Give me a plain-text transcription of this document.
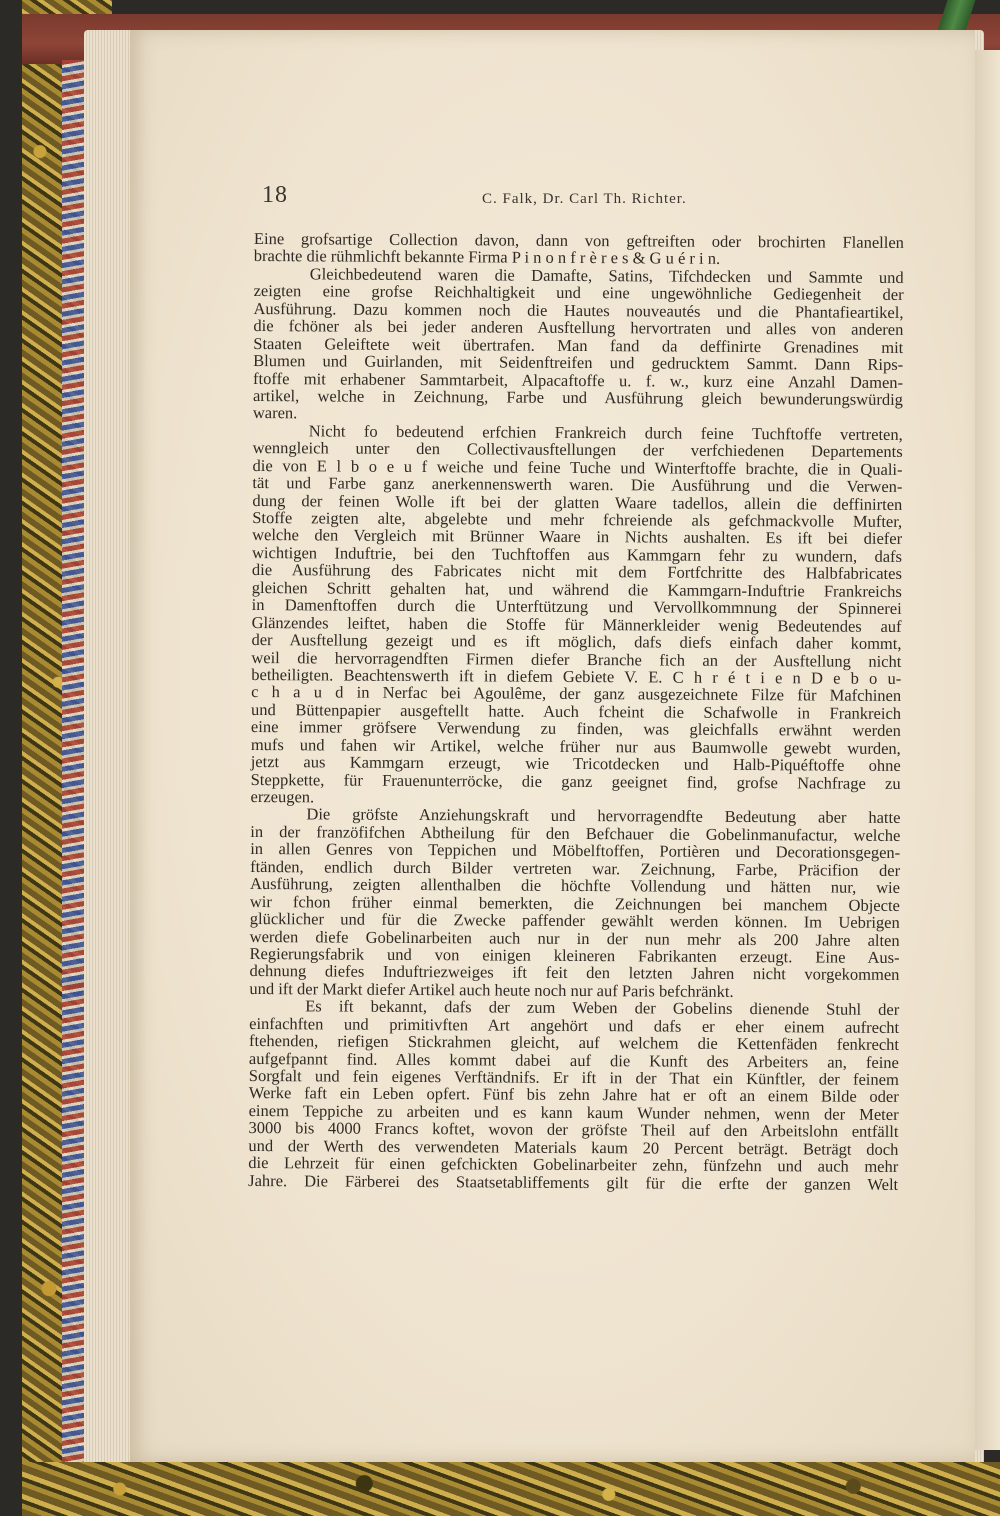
18	C. Falk, Dr. Carl Th. Richter.
Eine grofsartige Collection davon, dann von geftreiften oder brochirten Flanellen
brachte die rühmlichft bekannte Firma P i n o n f r è r e s & G u é r i n.
Gleichbedeutend waren die Damafte, Satins, Tifchdecken und Sammte und
zeigten eine grofse Reichhaltigkeit und eine ungewöhnliche Gediegenheit der
Ausführung. Dazu kommen noch die Hautes nouveautés und die Phantafieartikel,
die fchöner als bei jeder anderen Ausftellung hervortraten und alles von anderen
Staaten Geleiftete weit übertrafen. Man fand da deffinirte Grenadines mit
Blumen und Guirlanden, mit Seidenftreifen und gedrucktem Sammt. Dann Rips-
ftoffe mit erhabener Sammtarbeit, Alpacaftoffe u. f. w., kurz eine Anzahl Damen-
artikel, welche in Zeichnung, Farbe und Ausführung gleich bewunderungswürdig
waren.
Nicht fo bedeutend erfchien Frankreich durch feine Tuchftoffe vertreten,
wenngleich unter den Collectivausftellungen der verfchiedenen Departements
die von E l b o e u f weiche und feine Tuche und Winterftoffe brachte, die in Quali-
tät und Farbe ganz anerkennenswerth waren. Die Ausführung und die Verwen-
dung der feinen Wolle ift bei der glatten Waare tadellos, allein die deffinirten
Stoffe zeigten alte, abgelebte und mehr fchreiende als gefchmackvolle Mufter,
welche den Vergleich mit Brünner Waare in Nichts aushalten. Es ift bei diefer
wichtigen Induftrie, bei den Tuchftoffen aus Kammgarn fehr zu wundern, dafs
die Ausführung des Fabricates nicht mit dem Fortfchritte des Halbfabricates
gleichen Schritt gehalten hat, und während die Kammgarn-Induftrie Frankreichs
in Damenftoffen durch die Unterftützung und Vervollkommnung der Spinnerei
Glänzendes leiftet, haben die Stoffe für Männerkleider wenig Bedeutendes auf
der Ausftellung gezeigt und es ift möglich, dafs diefs einfach daher kommt,
weil die hervorragendften Firmen diefer Branche fich an der Ausftellung nicht
betheiligten. Beachtenswerth ift in diefem Gebiete V. E. C h r é t i e n D e b o u-
c h a u d in Nerfac bei Agoulême, der ganz ausgezeichnete Filze für Mafchinen
und Büttenpapier ausgeftellt hatte. Auch fcheint die Schafwolle in Frankreich
eine immer gröfsere Verwendung zu finden, was gleichfalls erwähnt werden
mufs und fahen wir Artikel, welche früher nur aus Baumwolle gewebt wurden,
jetzt aus Kammgarn erzeugt, wie Tricotdecken und Halb-Piquéftoffe ohne
Steppkette, für Frauenunterröcke, die ganz geeignet find, grofse Nachfrage zu
erzeugen.
Die gröfste Anziehungskraft und hervorragendfte Bedeutung aber hatte
in der franzöfifchen Abtheilung für den Befchauer die Gobelinmanufactur, welche
in allen Genres von Teppichen und Möbelftoffen, Portièren und Decorationsgegen-
ftänden, endlich durch Bilder vertreten war. Zeichnung, Farbe, Präcifion der
Ausführung, zeigten allenthalben die höchfte Vollendung und hätten nur, wie
wir fchon früher einmal bemerkten, die Zeichnungen bei manchem Objecte
glücklicher und für die Zwecke paffender gewählt werden können. Im Uebrigen
werden diefe Gobelinarbeiten auch nur in der nun mehr als 200 Jahre alten
Regierungsfabrik und von einigen kleineren Fabrikanten erzeugt. Eine Aus-
dehnung diefes Induftriezweiges ift feit den letzten Jahren nicht vorgekommen
und ift der Markt diefer Artikel auch heute noch nur auf Paris befchränkt.
Es ift bekannt, dafs der zum Weben der Gobelins dienende Stuhl der
einfachften und primitivften Art angehört und dafs er eher einem aufrecht
ftehenden, riefigen Stickrahmen gleicht, auf welchem die Kettenfäden fenkrecht
aufgefpannt find. Alles kommt dabei auf die Kunft des Arbeiters an, feine
Sorgfalt und fein eigenes Verftändnifs. Er ift in der That ein Künftler, der feinem
Werke faft ein Leben opfert. Fünf bis zehn Jahre hat er oft an einem Bilde oder
einem Teppiche zu arbeiten und es kann kaum Wunder nehmen, wenn der Meter
3000 bis 4000 Francs koftet, wovon der gröfste Theil auf den Arbeitslohn entfällt
und der Werth des verwendeten Materials kaum 20 Percent beträgt. Beträgt doch
die Lehrzeit für einen gefchickten Gobelinarbeiter zehn, fünfzehn und auch mehr
Jahre. Die Färberei des Staatsetabliffements gilt für die erfte der ganzen Welt
